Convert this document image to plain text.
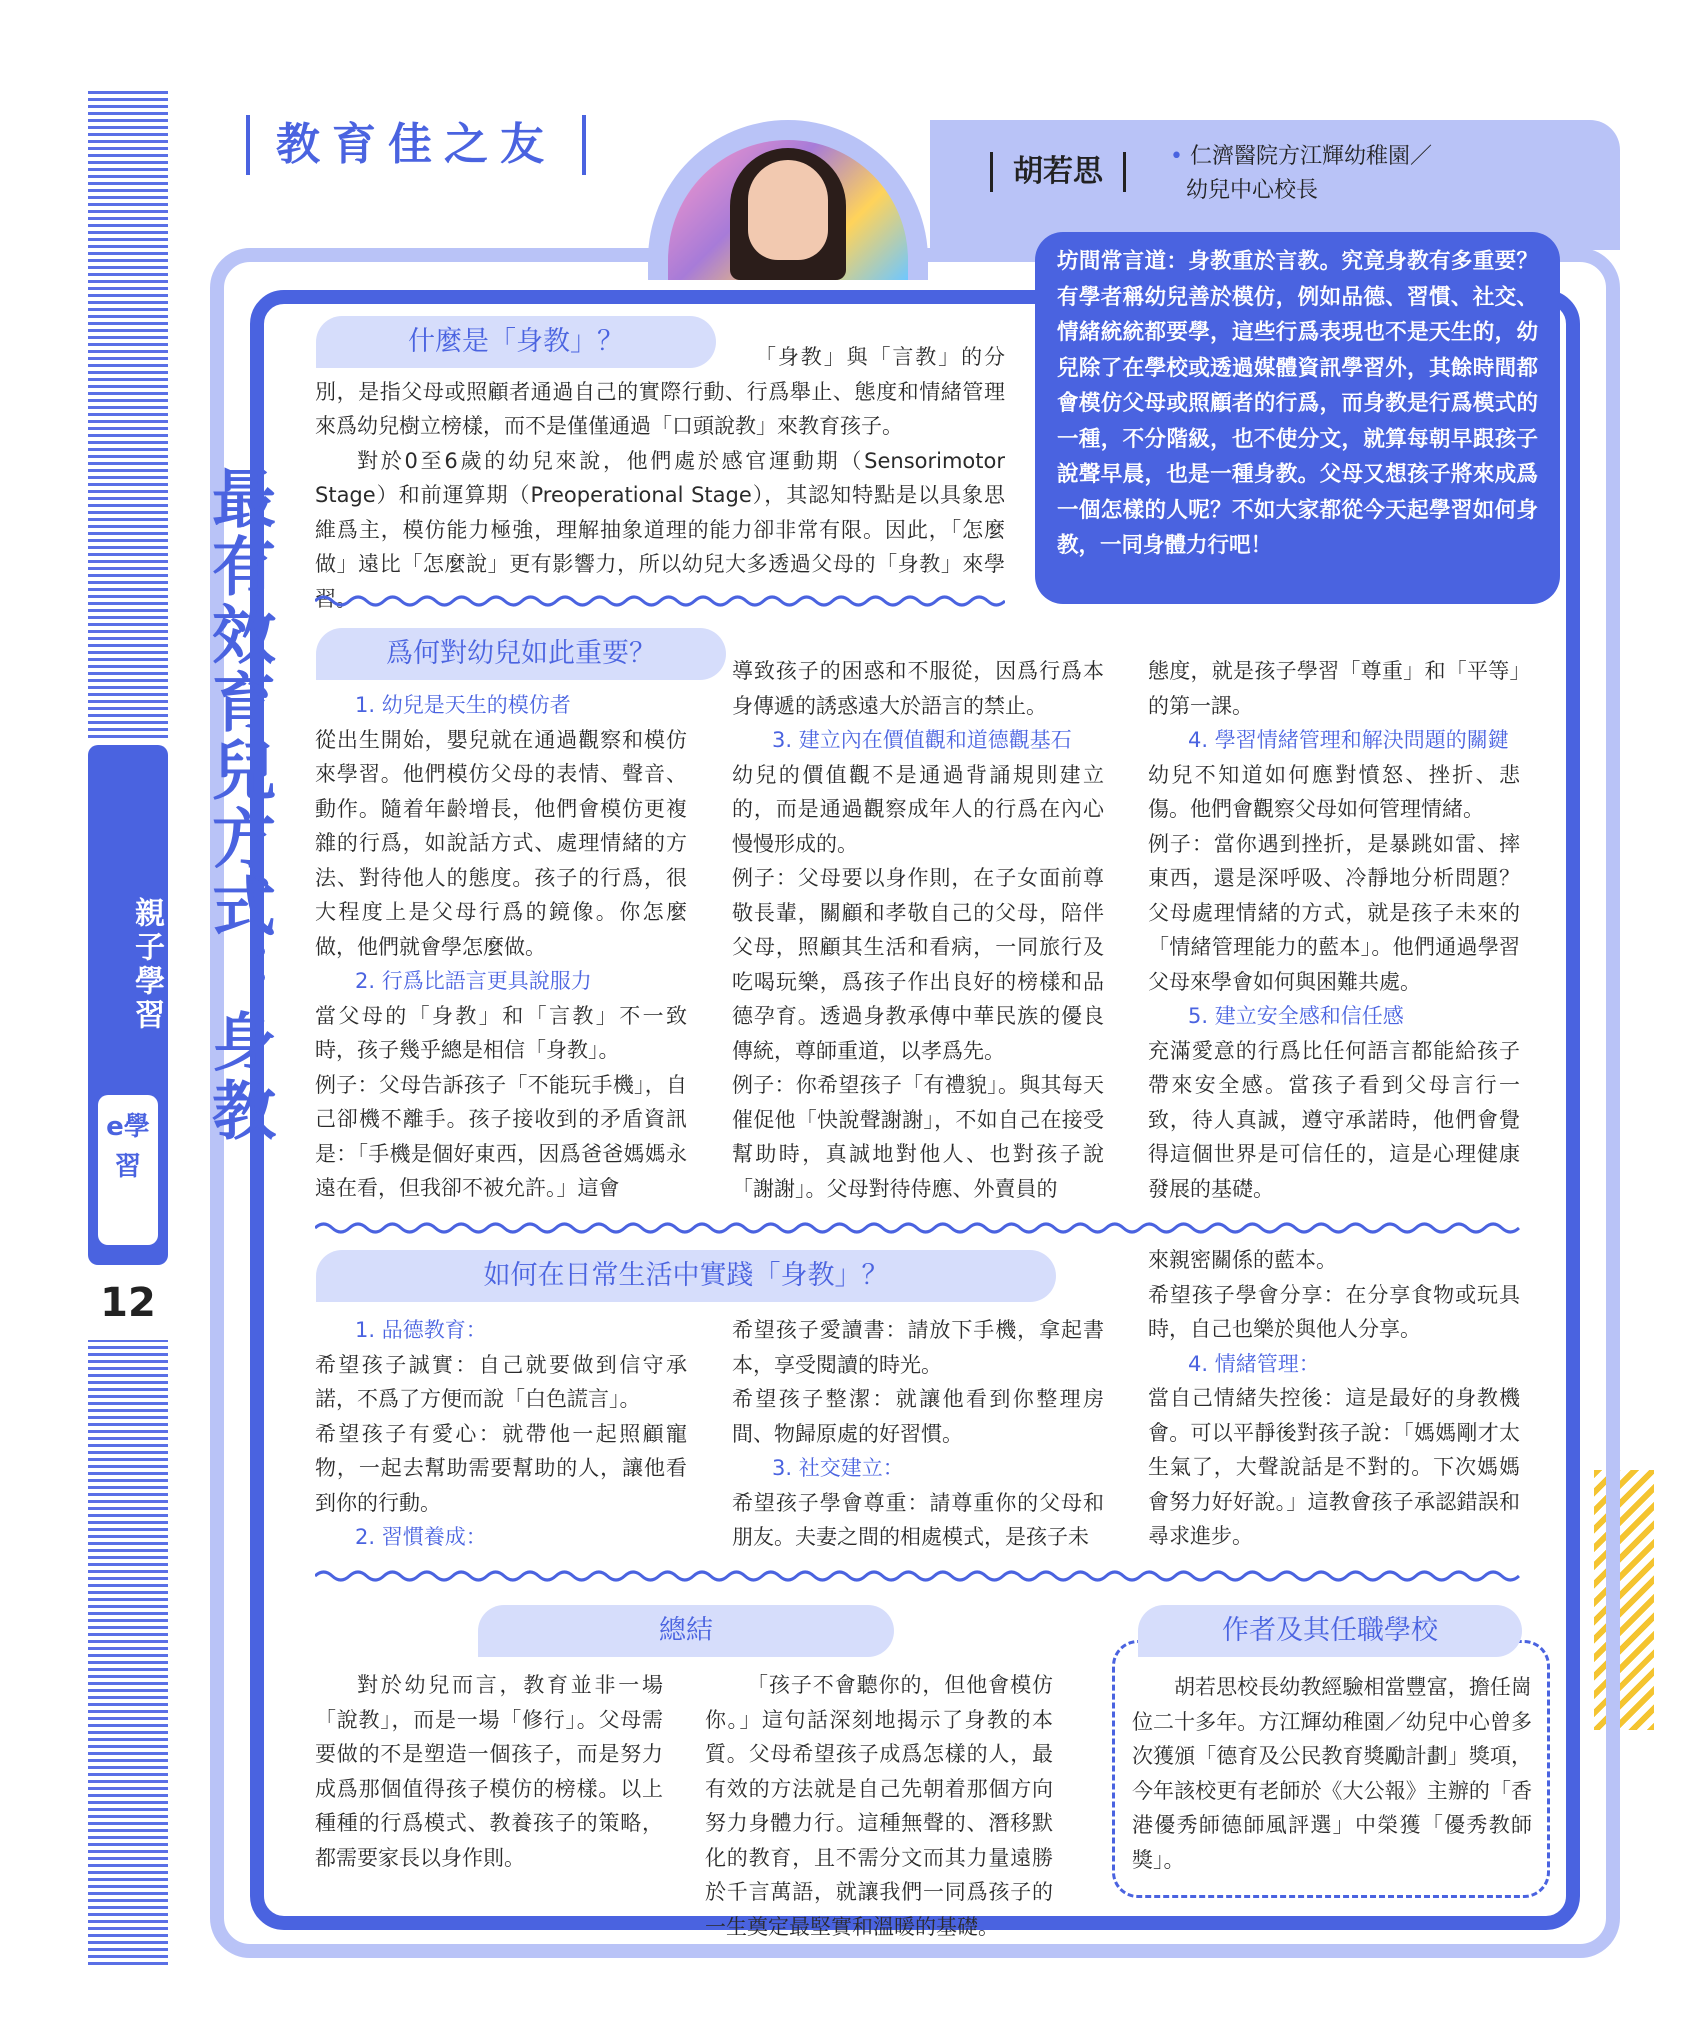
親子學習
e學習
12
教育佳之友
胡若思	• 仁濟醫院方江輝幼稚園／
幼兒中心校長
坊間常言道：身教重於言教。究竟身教有多重要？有學者稱幼兒善於模仿，例如品德、習慣、社交、情緒統統都要學，這些行爲表現也不是天生的，幼兒除了在學校或透過媒體資訊學習外，其餘時間都會模仿父母或照顧者的行爲，而身教是行爲模式的一種，不分階級，也不使分文，就算每朝早跟孩子說聲早晨，也是一種身教。父母又想孩子將來成爲一個怎樣的人呢？不如大家都從今天起學習如何身教，一同身體力行吧！
最有效育兒方式：身教
什麼是「身教」？	「身教」與「言教」的分別，是指父母或照顧者通過自己的實際行動、行爲舉止、態度和情緒管理來爲幼兒樹立榜樣，而不是僅僅通過「口頭說教」來教育孩子。

對於0至6歲的幼兒來說，他們處於感官運動期（Sensorimotor Stage）和前運算期（Preoperational Stage），其認知特點是以具象思維爲主，模仿能力極強，理解抽象道理的能力卻非常有限。因此，「怎麼做」遠比「怎麼說」更有影響力，所以幼兒大多透過父母的「身教」來學習。

爲何對幼兒如此重要？

1. 幼兒是天生的模仿者

從出生開始，嬰兒就在通過觀察和模仿來學習。他們模仿父母的表情、聲音、動作。隨着年齡增長，他們會模仿更複雜的行爲，如說話方式、處理情緒的方法、對待他人的態度。孩子的行爲，很大程度上是父母行爲的鏡像。你怎麼做，他們就會學怎麼做。

2. 行爲比語言更具說服力

當父母的「身教」和「言教」不一致時，孩子幾乎總是相信「身教」。

例子：父母告訴孩子「不能玩手機」，自己卻機不離手。孩子接收到的矛盾資訊是：「手機是個好東西，因爲爸爸媽媽永遠在看，但我卻不被允許。」這會

導致孩子的困惑和不服從，因爲行爲本身傳遞的誘惑遠大於語言的禁止。

3. 建立內在價值觀和道德觀基石

幼兒的價值觀不是通過背誦規則建立的，而是通過觀察成年人的行爲在內心慢慢形成的。

例子：父母要以身作則，在子女面前尊敬長輩，關顧和孝敬自己的父母，陪伴父母，照顧其生活和看病，一同旅行及吃喝玩樂，爲孩子作出良好的榜樣和品德孕育。透過身教承傳中華民族的優良傳統，尊師重道，以孝爲先。

例子：你希望孩子「有禮貌」。與其每天催促他「快說聲謝謝」，不如自己在接受幫助時，真誠地對他人、也對孩子說「謝謝」。父母對待侍應、外賣員的

態度，就是孩子學習「尊重」和「平等」的第一課。

4. 學習情緒管理和解決問題的關鍵

幼兒不知道如何應對憤怒、挫折、悲傷。他們會觀察父母如何管理情緒。

例子：當你遇到挫折，是暴跳如雷、摔東西，還是深呼吸、冷靜地分析問題？父母處理情緒的方式，就是孩子未來的「情緒管理能力的藍本」。他們通過學習父母來學會如何與困難共處。

5. 建立安全感和信任感

充滿愛意的行爲比任何語言都能給孩子帶來安全感。當孩子看到父母言行一致，待人真誠，遵守承諾時，他們會覺得這個世界是可信任的，這是心理健康發展的基礎。

如何在日常生活中實踐「身教」？

1. 品德教育：

希望孩子誠實：自己就要做到信守承諾，不爲了方便而說「白色謊言」。

希望孩子有愛心：就帶他一起照顧寵物，一起去幫助需要幫助的人，讓他看到你的行動。

2. 習慣養成：

希望孩子愛讀書：請放下手機，拿起書本，享受閱讀的時光。

希望孩子整潔：就讓他看到你整理房間、物歸原處的好習慣。

3. 社交建立：

希望孩子學會尊重：請尊重你的父母和朋友。夫妻之間的相處模式，是孩子未

來親密關係的藍本。

希望孩子學會分享：在分享食物或玩具時，自己也樂於與他人分享。

4. 情緒管理：

當自己情緒失控後：這是最好的身教機會。可以平靜後對孩子說：「媽媽剛才太生氣了，大聲說話是不對的。下次媽媽會努力好好說。」這教會孩子承認錯誤和尋求進步。

總結

對於幼兒而言，教育並非一場「說教」，而是一場「修行」。父母需要做的不是塑造一個孩子，而是努力成爲那個值得孩子模仿的榜樣。以上種種的行爲模式、教養孩子的策略，都需要家長以身作則。

「孩子不會聽你的，但他會模仿你。」這句話深刻地揭示了身教的本質。父母希望孩子成爲怎樣的人，最有效的方法就是自己先朝着那個方向努力身體力行。這種無聲的、潛移默化的教育，且不需分文而其力量遠勝於千言萬語，就讓我們一同爲孩子的一生奠定最堅實和溫暖的基礎。

作者及其任職學校

胡若思校長幼教經驗相當豐富，擔任崗位二十多年。方江輝幼稚園／幼兒中心曾多次獲頒「德育及公民教育獎勵計劃」獎項，今年該校更有老師於《大公報》主辦的「香港優秀師德師風評選」中榮獲「優秀教師獎」。
